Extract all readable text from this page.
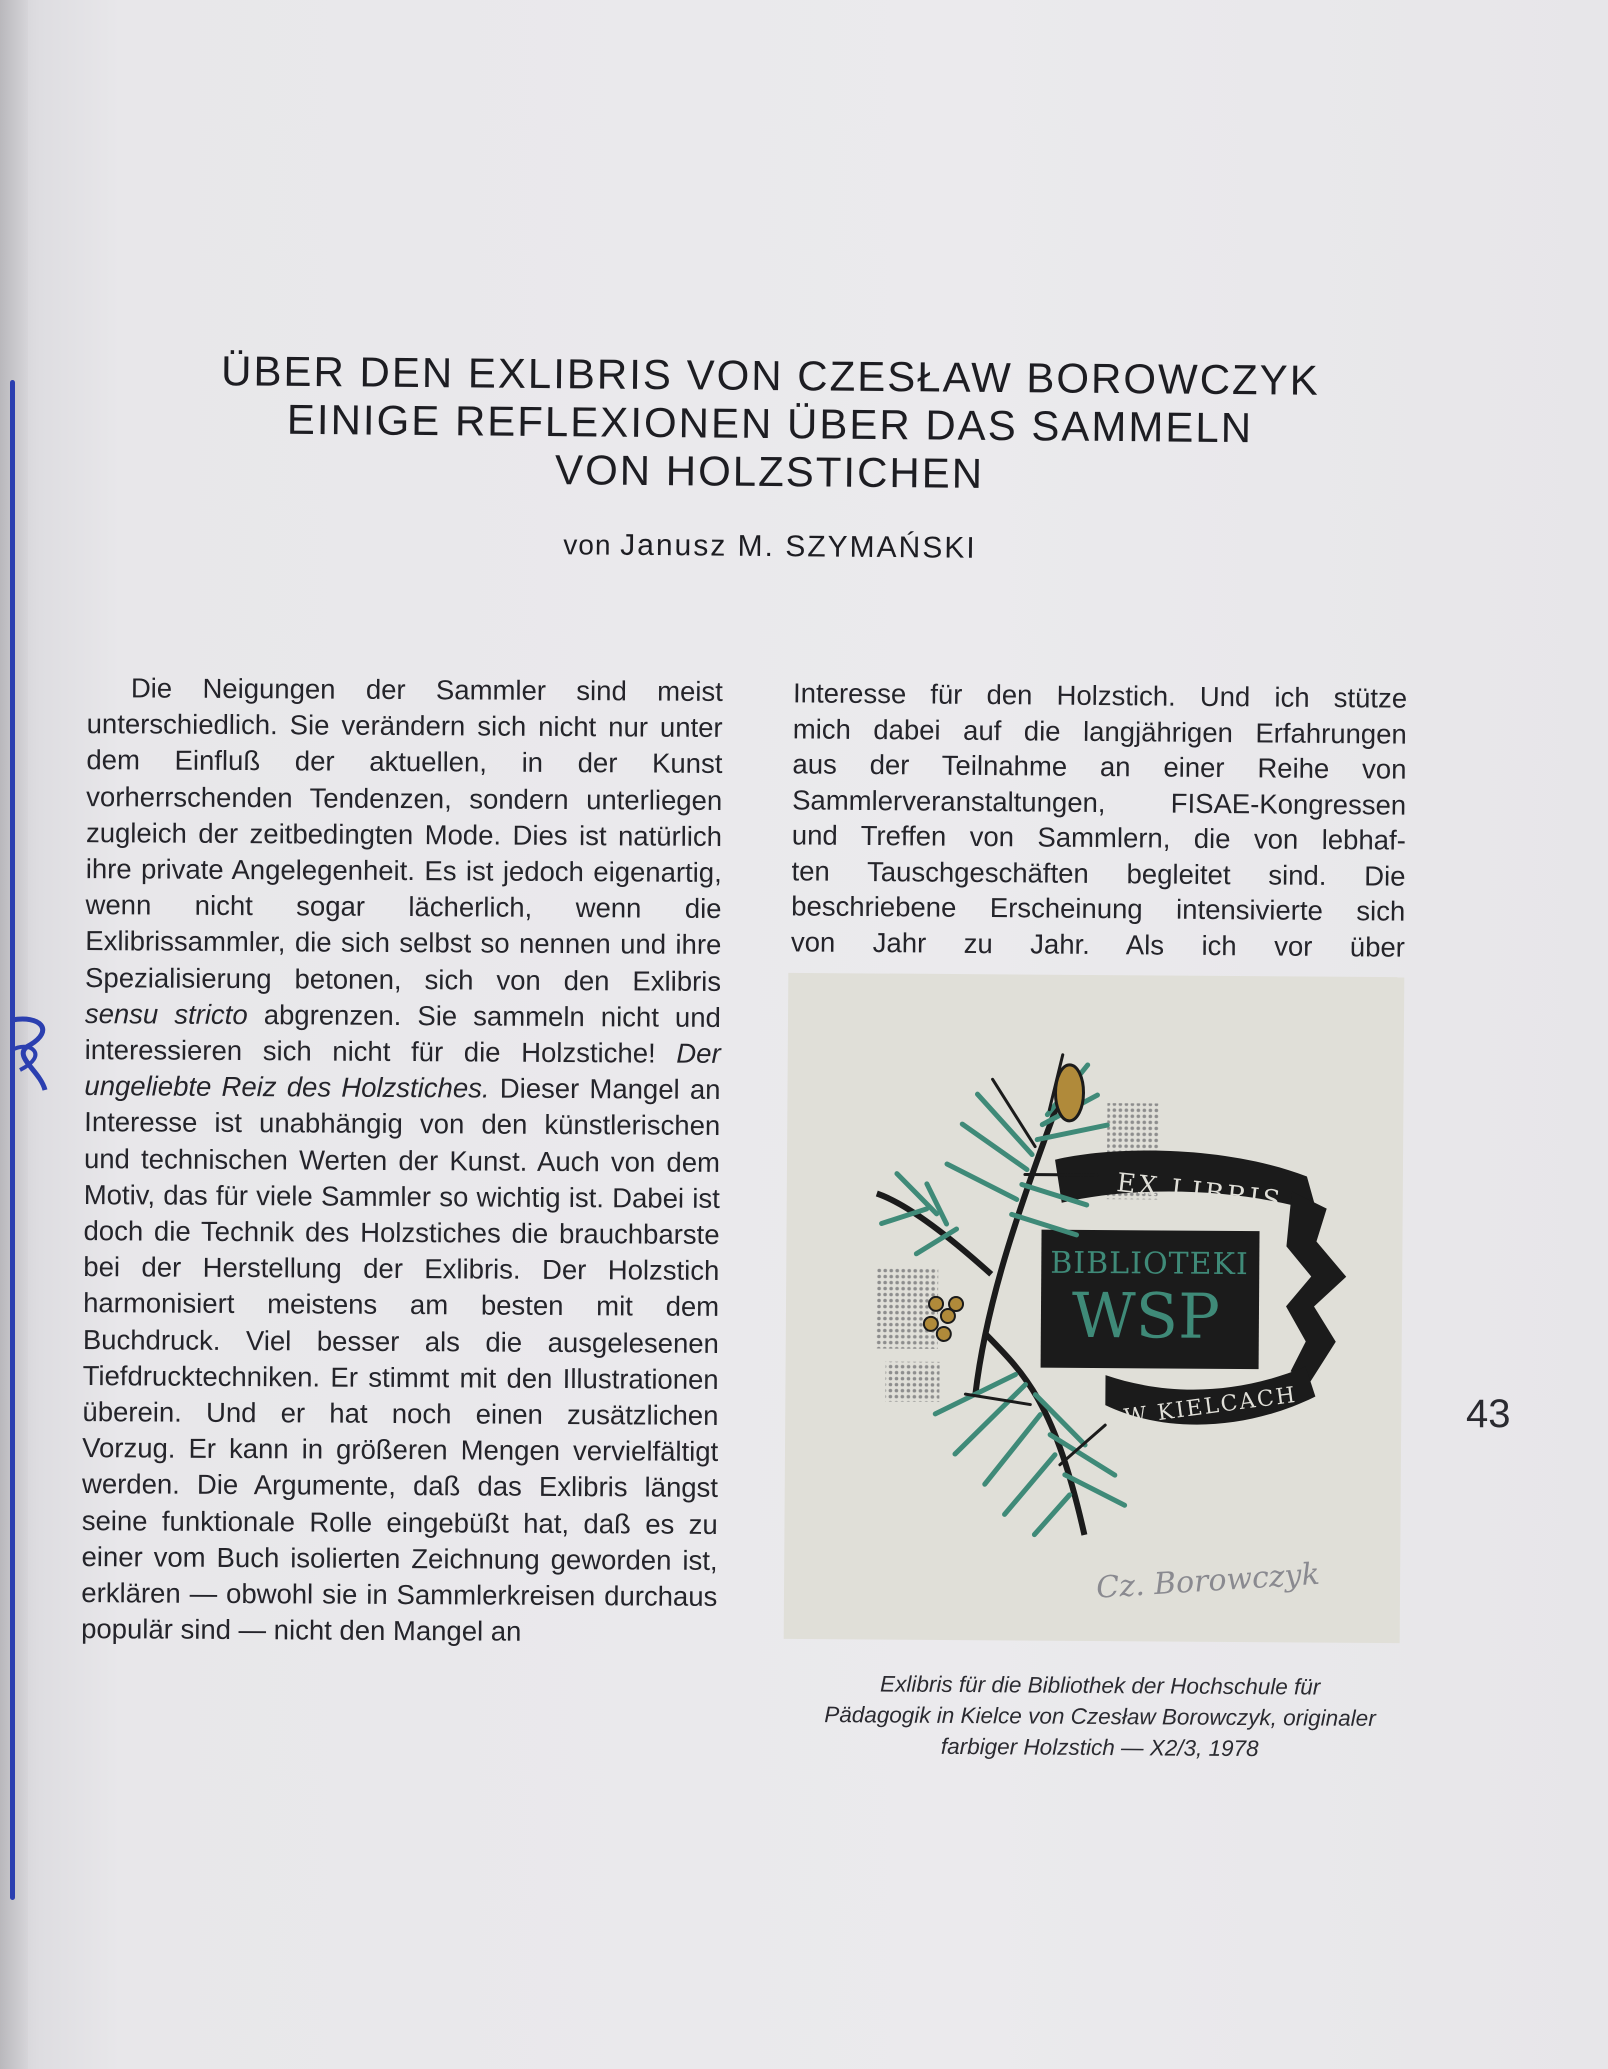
ÜBER DEN EXLIBRIS VON CZESŁAW BOROWCZYK
EINIGE REFLEXIONEN ÜBER DAS SAMMELN
VON HOLZSTICHEN
von Janusz M. SZYMAŃSKI
Die Neigungen der Sammler sind meist unterschiedlich. Sie verändern sich nicht nur unter dem Einfluß der aktuellen, in der Kunst vorherrschenden Tendenzen, sondern unterliegen zugleich der zeitbedingten Mode. Dies ist natürlich ihre private Angelegenheit. Es ist jedoch eigenartig, wenn nicht sogar lächerlich, wenn die Exlibrissammler, die sich selbst so nennen und ihre Spezialisierung betonen, sich von den Exlibris sensu stricto abgrenzen. Sie sammeln nicht und interessieren sich nicht für die Holzstiche! Der ungeliebte Reiz des Holzstiches. Dieser Mangel an Interesse ist unabhängig von den künstlerischen und technischen Werten der Kunst. Auch von dem Motiv, das für viele Sammler so wichtig ist. Dabei ist doch die Technik des Holzstiches die brauchbarste bei der Herstellung der Exlibris. Der Holzstich harmonisiert meistens am besten mit dem Buchdruck. Viel besser als die ausgelesenen Tiefdrucktechniken. Er stimmt mit den Illustrationen überein. Und er hat noch einen zusätzlichen Vorzug. Er kann in größeren Mengen vervielfältigt werden. Die Argumente, daß das Exlibris längst seine funktionale Rolle eingebüßt hat, daß es zu einer vom Buch isolierten Zeichnung geworden ist, erklären — obwohl sie in Sammlerkreisen durchaus populär sind — nicht den Mangel an
Interesse für den Holzstich. Und ich stütze
mich dabei auf die langjährigen Erfahrungen
aus der Teilnahme an einer Reihe von
Sammlerveranstaltungen, FISAE-Kongressen
und Treffen von Sammlern, die von lebhaf-
ten Tauschgeschäften begleitet sind. Die
beschriebene Erscheinung intensivierte sich
von Jahr zu Jahr. Als ich vor über
EX LIBRIS
BIBLIOTEKI
WSP
W KIELCACH
Cz. Borowczyk
Exlibris für die Bibliothek der Hochschule für
Pädagogik in Kielce von Czesław Borowczyk, originaler
farbiger Holzstich — X2/3, 1978
43
